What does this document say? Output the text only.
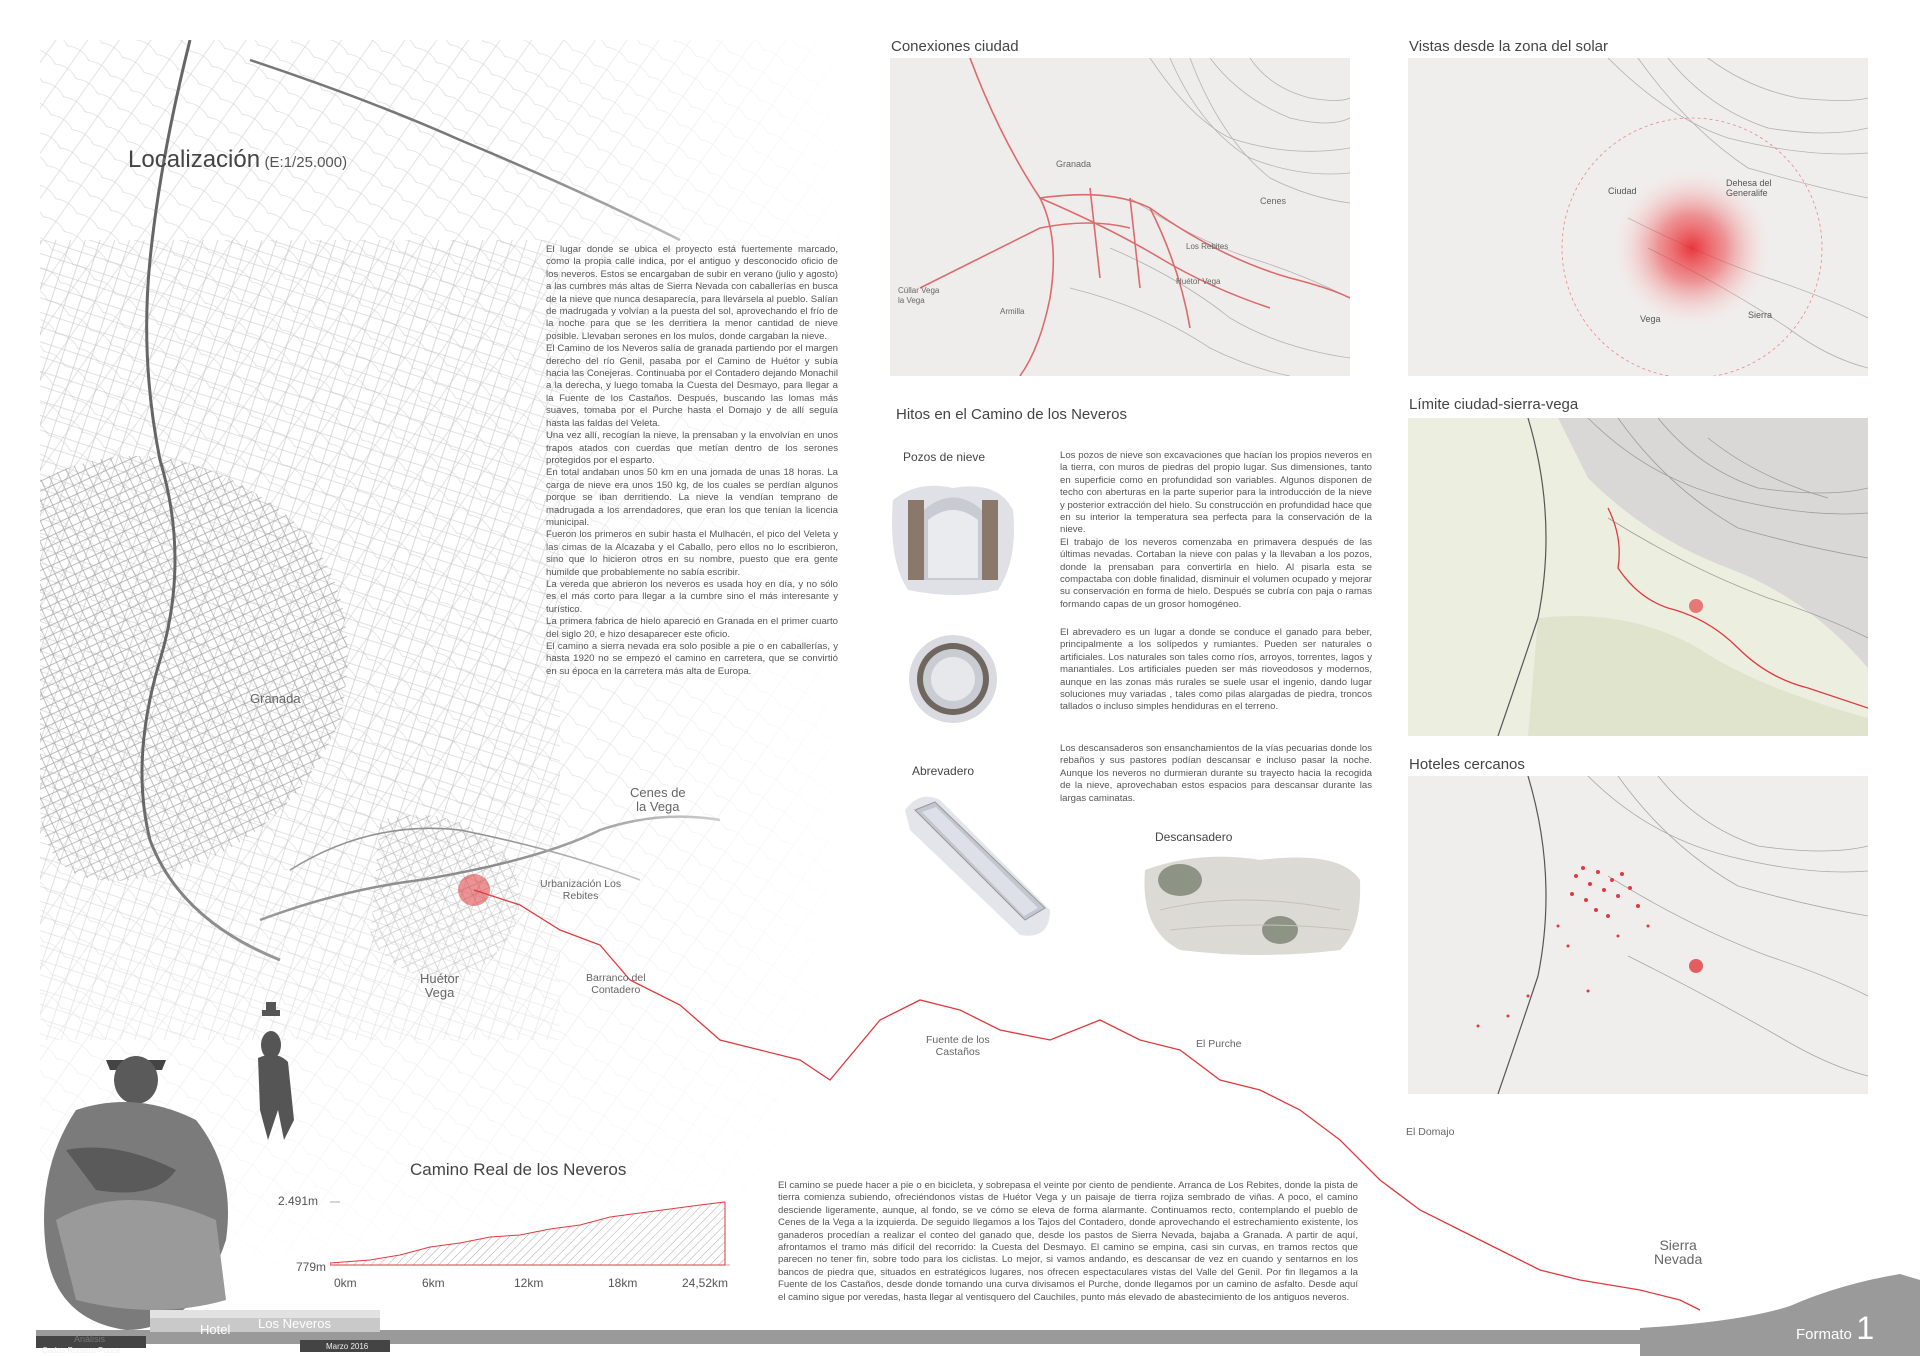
Localización (E:1/25.000)
El lugar donde se ubica el proyecto está fuertemente marcado, como la propia calle indica, por el antiguo y desconocido oficio de los neveros. Estos se encargaban de subir en verano (julio y agosto) a las cumbres más altas de Sierra Nevada con caballerías en busca de la nieve que nunca desaparecía, para llevársela al pueblo. Salían de madrugada y volvían a la puesta del sol, aprovechando el frío de la noche para que se les derritiera la menor cantidad de nieve posible. Llevaban serones en los mulos, donde cargaban la nieve.
El Camino de los Neveros salía de granada partiendo por el margen derecho del río Genil, pasaba por el Camino de Huétor y subía hacia las Conejeras. Continuaba por el Contadero dejando Monachil a la derecha, y luego tomaba la Cuesta del Desmayo, para llegar a la Fuente de los Castaños. Después, buscando las lomas más suaves, tomaba por el Purche hasta el Domajo y de allí seguía hasta las faldas del Veleta.
Una vez allí, recogían la nieve, la prensaban y la envolvían en unos trapos atados con cuerdas que metían dentro de los serones protegidos por el esparto.
En total andaban unos 50 km en una jornada de unas 18 horas. La carga de nieve era unos 150 kg, de los cuales se perdían algunos porque se iban derritiendo. La nieve la vendían temprano de madrugada a los arrendadores, que eran los que tenían la licencia municipal.
Fueron los primeros en subir hasta el Mulhacén, el pico del Veleta y las cimas de la Alcazaba y el Caballo, pero ellos no lo escribieron, sino que lo hicieron otros en su nombre, puesto que era gente humilde que probablemente no sabía escribir.
La vereda que abrieron los neveros es usada hoy en día, y no sólo es el más corto para llegar a la cumbre sino el más interesante y turístico.
La primera fabrica de hielo apareció en Granada en el primer cuarto del siglo 20, e hizo desaparecer este oficio.
El camino a sierra nevada era solo posible a pie o en caballerías, y hasta 1920 no se empezó el camino en carretera, que se convirtió en su época en la carretera más alta de Europa.
Granada
Cenes de
la Vega
Urbanización Los
Rebites
Huétor
Vega
Barranco del
Contadero
Fuente de los
Castaños
El Purche
El Domajo
Sierra
Nevada
Conexiones ciudad
Granada
Cenes
Los Rebites
Huétor Vega
Armilla
Cúllar Vega
la Vega
Vistas desde la zona del solar
Ciudad
Sierra
Vega
Dehesa del
Generalife
Límite ciudad-sierra-vega
Hoteles cercanos
Hitos en el Camino de los Neveros
Pozos de nieve
Abrevadero
Descansadero
Los pozos de nieve son excavaciones que hacían los propios neveros en la tierra, con muros de piedras del propio lugar. Sus dimensiones, tanto en superficie como en profundidad son variables. Algunos disponen de techo con aberturas en la parte superior para la introducción de la nieve y posterior extracción del hielo. Su construcción en profundidad hace que en su interior la temperatura sea perfecta para la conservación de la nieve.
El trabajo de los neveros comenzaba en primavera después de las últimas nevadas. Cortaban la nieve con palas y la llevaban a los pozos, donde la prensaban para convertirla en hielo. Al pisarla esta se compactaba con doble finalidad, disminuir el volumen ocupado y mejorar su conservación en forma de hielo. Después se cubría con paja o ramas formando capas de un grosor homogéneo.
El abrevadero es un lugar a donde se conduce el ganado para beber, principalmente a los solípedos y rumiantes. Pueden ser naturales o artificiales. Los naturales son tales como ríos, arroyos, torrentes, lagos y manantiales. Los artificiales pueden ser más rioveodosos y modernos, aunque en las zonas más rurales se suele usar el ingenio, dando lugar soluciones muy variadas , tales como pilas alargadas de piedra, troncos tallados o incluso simples hendiduras en el terreno.
Los descansaderos son ensanchamientos de la vías pecuarias donde los rebaños y sus pastores podían descansar e incluso pasar la noche. Aunque los neveros no durmieran durante su trayecto hacia la recogida de la nieve, aprovechaban estos espacios para descansar durante las largas caminatas.
Camino Real de los Neveros
2.491m
779m
0km	6km	12km	18km	24,52km
El camino se puede hacer a pie o en bicicleta, y sobrepasa el veinte por ciento de pendiente. Arranca de Los Rebites, donde la pista de tierra comienza subiendo, ofreciéndonos vistas de Huétor Vega y un paisaje de tierra rojiza sembrado de viñas. A poco, el camino desciende ligeramente, aunque, al fondo, se ve cómo se eleva de forma alarmante. Continuamos recto, contemplando el pueblo de Cenes de la Vega a la izquierda. De seguido llegamos a los Tajos del Contadero, donde aprovechando el estrechamiento existente, los ganaderos procedían a realizar el conteo del ganado que, desde los pastos de Sierra Nevada, bajaba a Granada. A partir de aquí, afrontamos el tramo más difícil del recorrido: la Cuesta del Desmayo. El camino se empina, casi sin curvas, en tramos rectos que parecen no tener fin, sobre todo para los ciclistas. Lo mejor, si vamos andando, es descansar de vez en cuando y sentarnos en los bancos de piedra que, situados en estratégicos lugares, nos ofrecen espectaculares vistas del Valle del Genil. Por fin llegamos a la Fuente de los Castaños, desde donde tomando una curva divisamos el Purche, donde llegamos por un camino de asfalto. Desde aquí el camino sigue por veredas, hasta llegar al ventisquero del Cauchiles, punto más elevado de abastecimiento de los antiguos neveros.
Análisis
Carlos Romero Ponce
Hotel Los Neveros
Marzo 2016
Formato 1
